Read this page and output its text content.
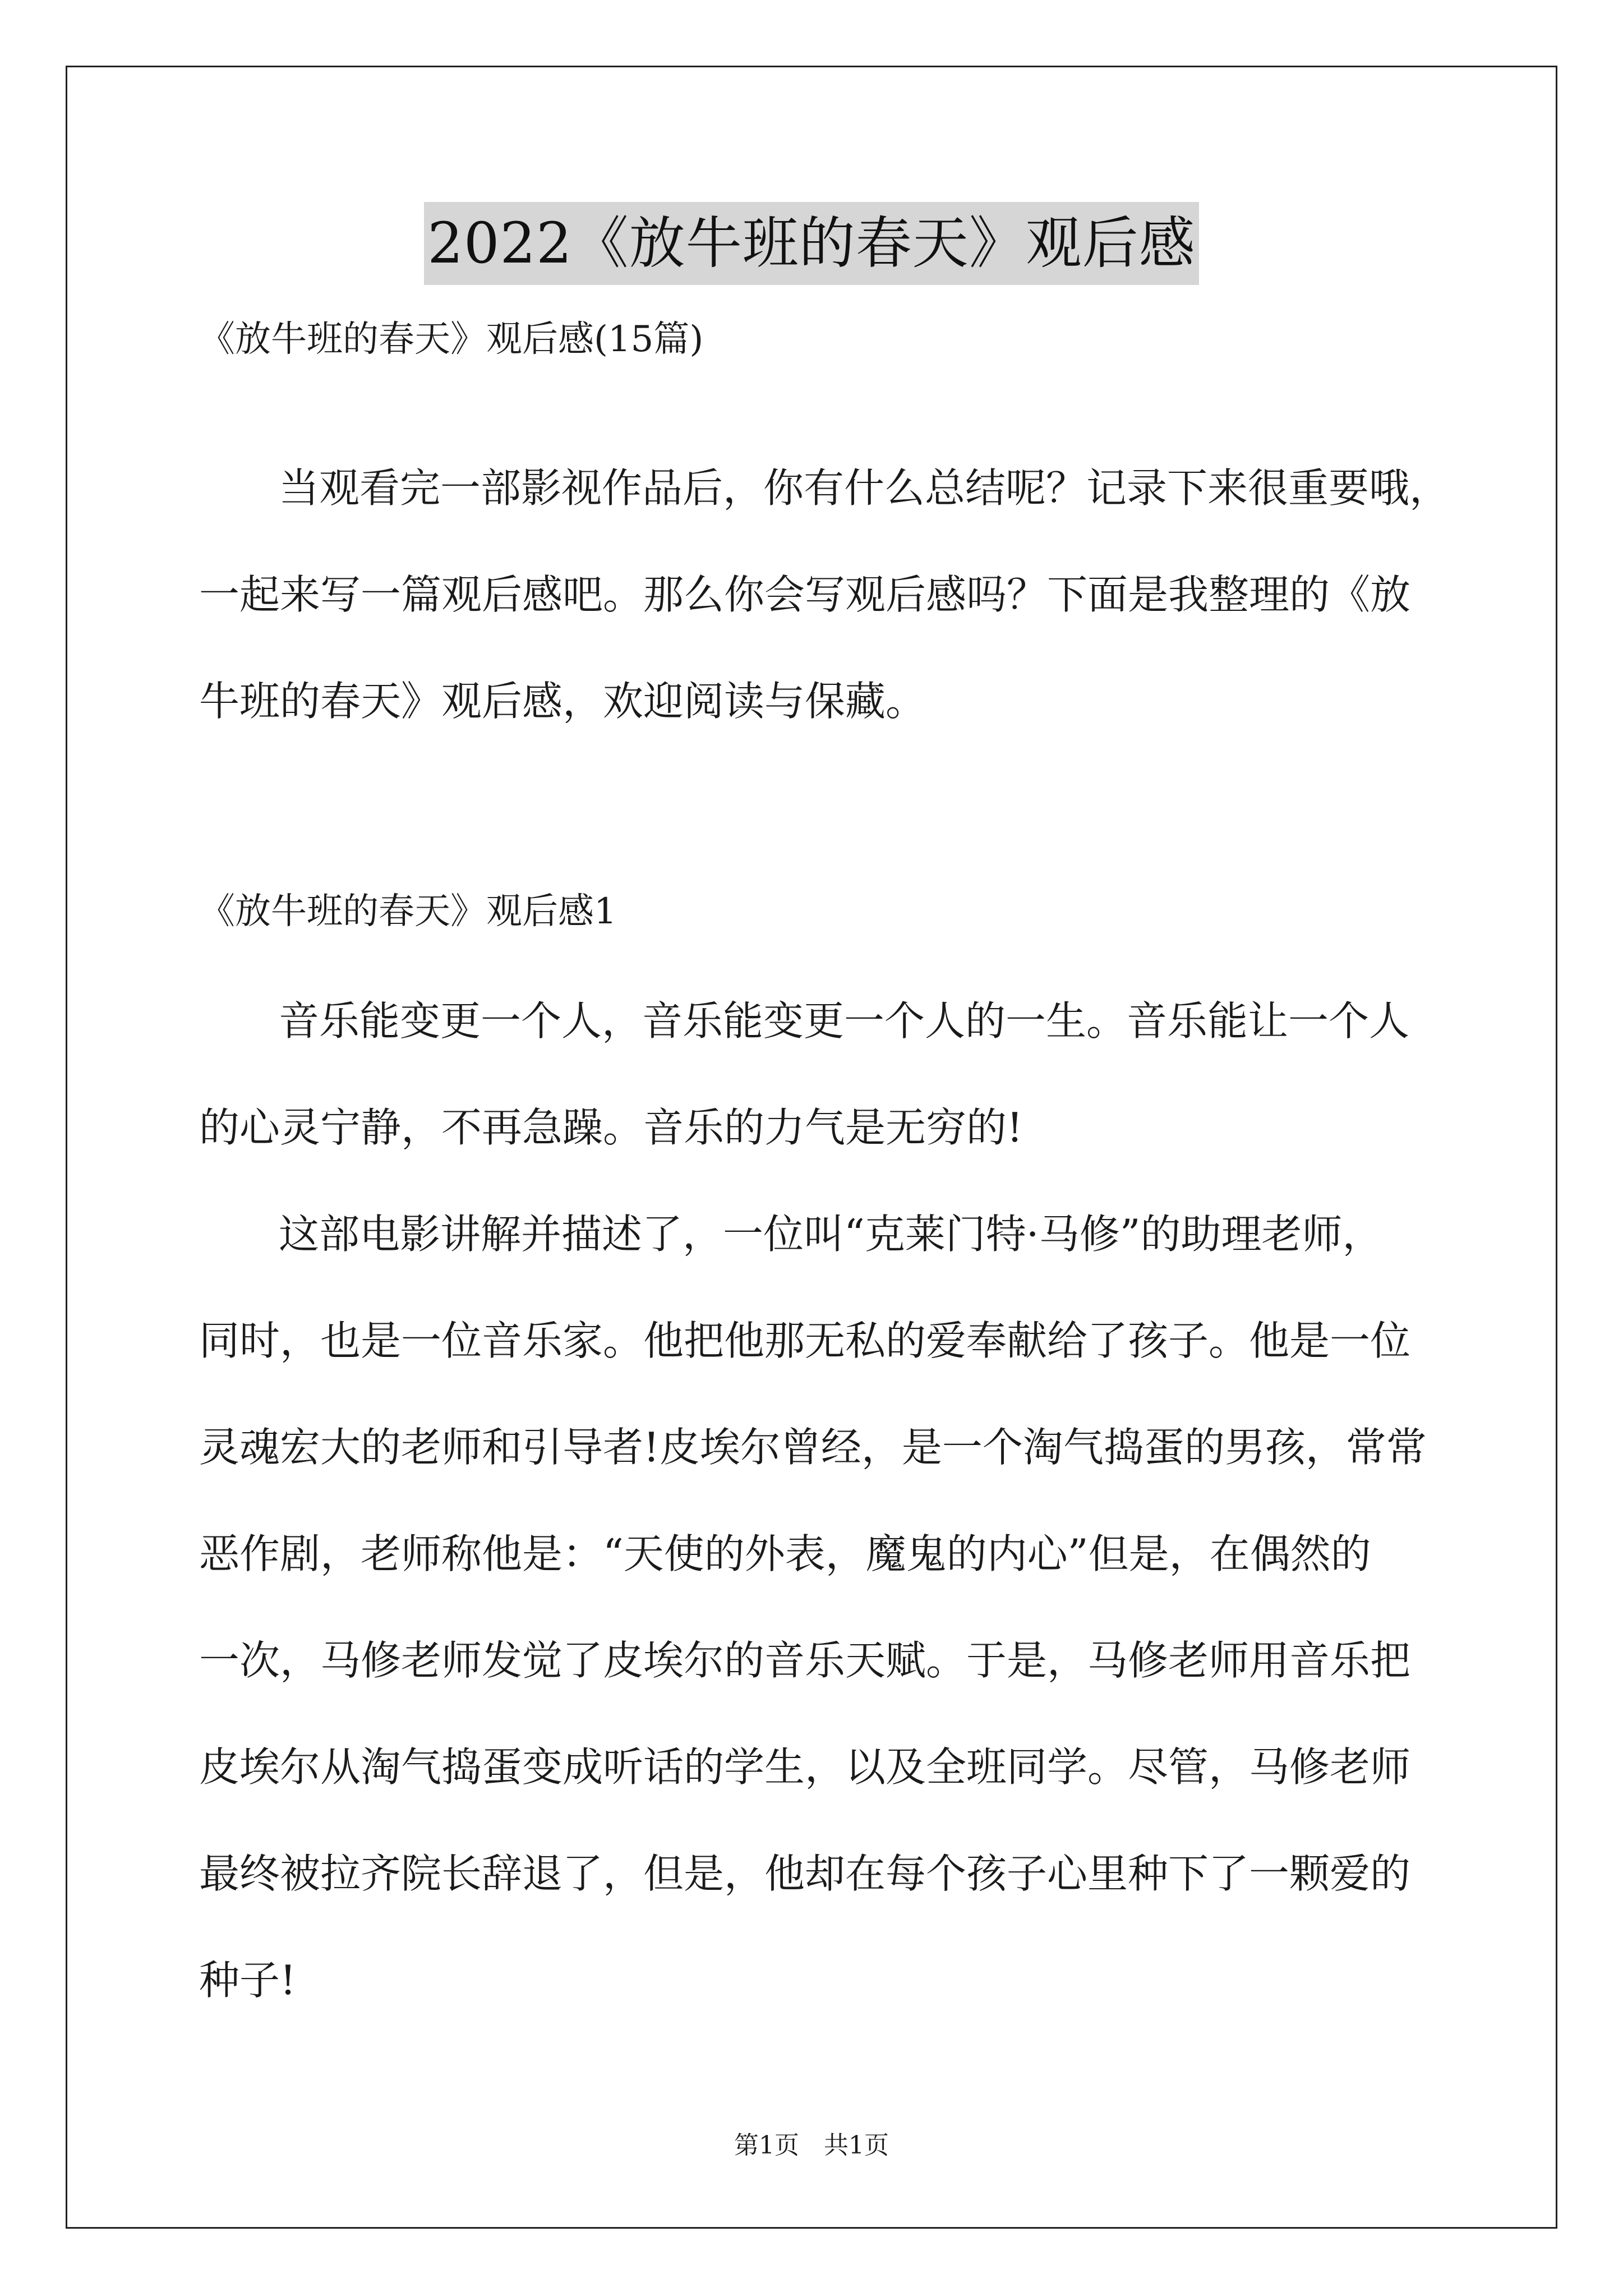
2022《放牛班的春天》观后感
《放牛班的春天》观后感(15篇)
当观看完一部影视作品后，你有什么总结呢？记录下来很重要哦，
一起来写一篇观后感吧。那么你会写观后感吗？下面是我整理的《放
牛班的春天》观后感，欢迎阅读与保藏。
《放牛班的春天》观后感1
音乐能变更一个人，音乐能变更一个人的一生。音乐能让一个人
的心灵宁静，不再急躁。音乐的力气是无穷的!
这部电影讲解并描述了，一位叫“克莱门特·马修”的助理老师，
同时，也是一位音乐家。他把他那无私的爱奉献给了孩子。他是一位
灵魂宏大的老师和引导者!皮埃尔曾经，是一个淘气捣蛋的男孩，常常
恶作剧，老师称他是：“天使的外表，魔鬼的内心”但是，在偶然的
一次，马修老师发觉了皮埃尔的音乐天赋。于是，马修老师用音乐把
皮埃尔从淘气捣蛋变成听话的学生，以及全班同学。尽管，马修老师
最终被拉齐院长辞退了，但是，他却在每个孩子心里种下了一颗爱的
种子!
第1页　共1页
